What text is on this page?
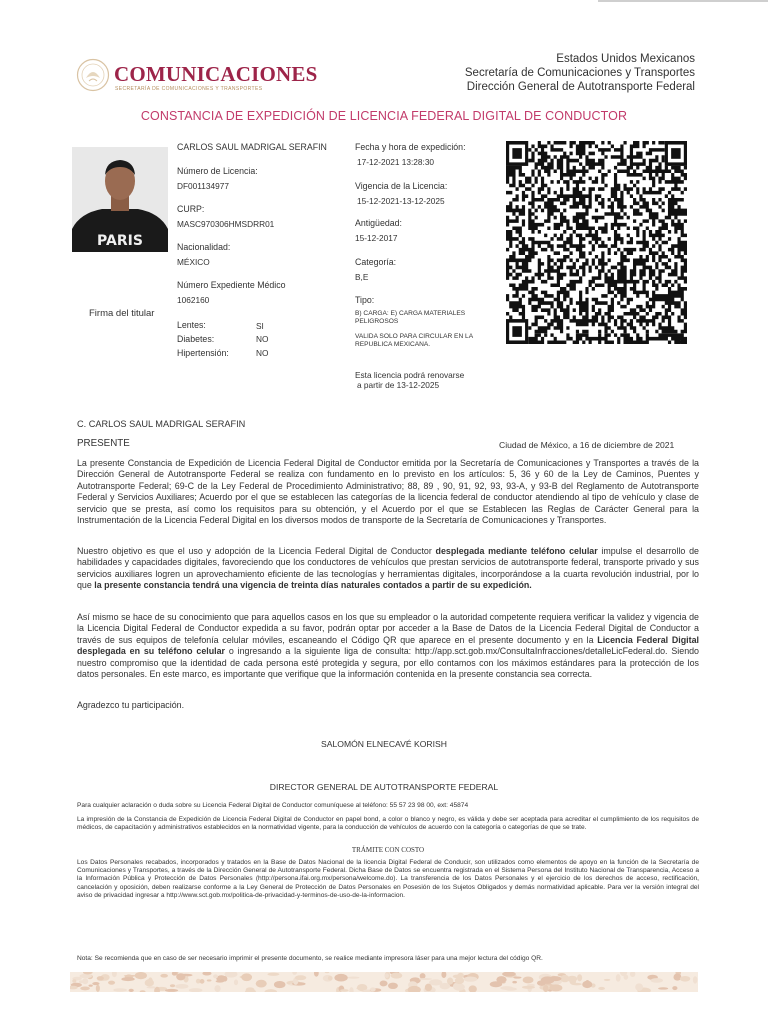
COMUNICACIONES
SECRETARÍA DE COMUNICACIONES Y TRANSPORTES
Estados Unidos Mexicanos
Secretaría de Comunicaciones y Transportes
Dirección General de Autotransporte Federal
CONSTANCIA DE EXPEDICIÓN DE LICENCIA FEDERAL DIGITAL DE CONDUCTOR
PARIS
Firma del titular
CARLOS SAUL MADRIGAL SERAFIN
Número de Licencia:
DF001134977
CURP:
MASC970306HMSDRR01
Nacionalidad:
MÉXICO
Número Expediente Médico
1062160
Lentes:	SI
Diabetes:	NO
Hipertensión:	NO
Fecha y hora de expedición:
17-12-2021 13:28:30
Vigencia de la Licencia:
15-12-2021-13-12-2025
Antigüedad:
15-12-2017
Categoría:
B,E
Tipo:
B) CARGA: E) CARGA MATERIALES PELIGROSOS
VALIDA SOLO PARA CIRCULAR EN LA REPUBLICA MEXICANA.
Esta licencia podrá renovarse
a partir de 13-12-2025
C. CARLOS SAUL MADRIGAL SERAFIN
PRESENTE	Ciudad de México, a 16 de diciembre de 2021
La presente Constancia de Expedición de Licencia Federal Digital de Conductor emitida por la Secretaría de Comunicaciones y Transportes a través de la Dirección General de Autotransporte Federal se realiza con fundamento en lo previsto en los artículos: 5, 36 y 60 de la Ley de Caminos, Puentes y Autotransporte Federal; 69-C de la Ley Federal de Procedimiento Administrativo; 88, 89 , 90, 91, 92, 93, 93-A, y 93-B del Reglamento de Autotransporte Federal y Servicios Auxiliares; Acuerdo por el que se establecen las categorías de la licencia federal de conductor atendiendo al tipo de vehículo y clase de servicio que se presta, así como los requisitos para su obtención, y el Acuerdo por el que se Establecen las Reglas de Carácter General para la Instrumentación de la Licencia Federal Digital en los diversos modos de transporte de la Secretaría de Comunicaciones y Transportes.
Nuestro objetivo es que el uso y adopción de la Licencia Federal Digital de Conductor desplegada mediante teléfono celular impulse el desarrollo de habilidades y capacidades digitales, favoreciendo que los conductores de vehículos que prestan servicios de autotransporte federal, transporte privado y sus servicios auxiliares logren un aprovechamiento eficiente de las tecnologías y herramientas digitales, incorporándose a la cuarta revolución industrial, por lo que la presente constancia tendrá una vigencia de treinta días naturales contados a partir de su expedición.
Así mismo se hace de su conocimiento que para aquellos casos en los que su empleador o la autoridad competente requiera verificar la validez y vigencia de la Licencia Digital Federal de Conductor expedida a su favor, podrán optar por acceder a la Base de Datos de la Licencia Federal Digital de Conductor a través de sus equipos de telefonía celular móviles, escaneando el Código QR que aparece en el presente documento y en la Licencia Federal Digital desplegada en su teléfono celular o ingresando a la siguiente liga de consulta: http://app.sct.gob.mx/ConsultaInfracciones/detalleLicFederal.do. Siendo nuestro compromiso que la identidad de cada persona esté protegida y segura, por ello contamos con los máximos estándares para la protección de los datos personales. En este marco, es importante que verifique que la información contenida en la presente constancia sea correcta.
Agradezco tu participación.
SALOMÓN ELNECAVÉ KORISH
DIRECTOR GENERAL DE AUTOTRANSPORTE FEDERAL
Para cualquier aclaración o duda sobre su Licencia Federal Digital de Conductor comuníquese al teléfono: 55 57 23 98 00, ext: 45874
La impresión de la Constancia de Expedición de Licencia Federal Digital de Conductor en papel bond, a color o blanco y negro, es válida y debe ser aceptada para acreditar el cumplimiento de los requisitos de médicos, de capacitación y administrativos establecidos en la normatividad vigente, para la conducción de vehículos de acuerdo con la categoría o categorías de que se trate.
TRÁMITE CON COSTO
Los Datos Personales recabados, incorporados y tratados en la Base de Datos Nacional de la licencia Digital Federal de Conducir, son utilizados como elementos de apoyo en la función de la Secretaría de Comunicaciones y Transportes, a través de la Dirección General de Autotransporte Federal. Dicha Base de Datos se encuentra registrada en el Sistema Persona del Instituto Nacional de Transparencia, Acceso a la Información Pública y Protección de Datos Personales (http://persona.ifai.org.mx/persona/welcome.do). La transferencia de los Datos Personales y el ejercicio de los derechos de acceso, rectificación, cancelación y oposición, deben realizarse conforme a la Ley General de Protección de Datos Personales en Posesión de los Sujetos Obligados y demás normatividad aplicable. Para ver la versión integral del aviso de privacidad ingresar a http://www.sct.gob.mx/politica-de-privacidad-y-terminos-de-uso-de-la-informacion.
Nota: Se recomienda que en caso de ser necesario imprimir el presente documento, se realice mediante impresora láser para una mejor lectura del código QR.
